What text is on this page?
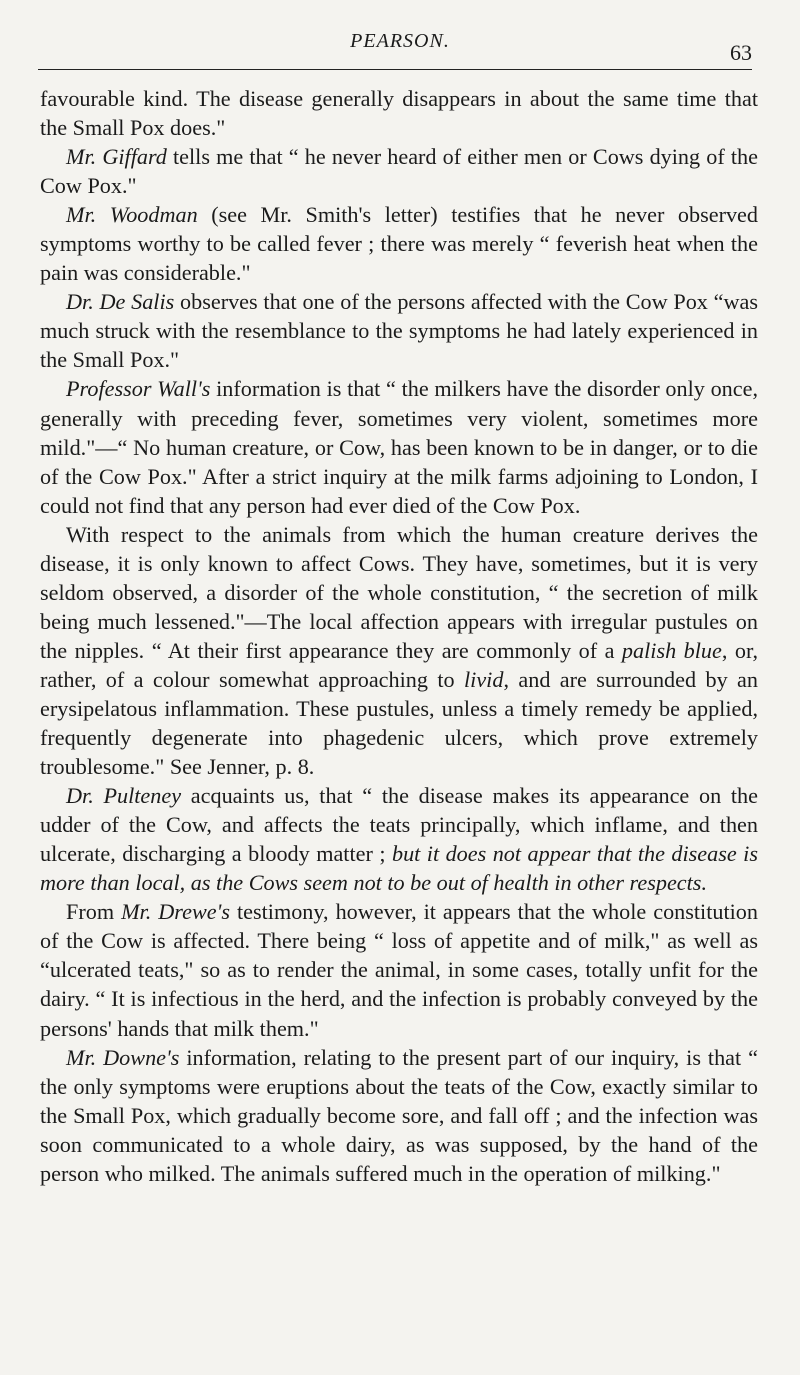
PEARSON.	63

favourable kind. The disease generally disappears in about the same time that the Small Pox does."

Mr. Giffard tells me that “ he never heard of either men or Cows dying of the Cow Pox."

Mr. Woodman (see Mr. Smith's letter) testifies that he never observed symptoms worthy to be called fever ; there was merely “ feverish heat when the pain was considerable."

Dr. De Salis observes that one of the persons affected with the Cow Pox “was much struck with the resemblance to the symptoms he had lately experienced in the Small Pox."

Professor Wall's information is that “ the milkers have the disorder only once, generally with preceding fever, sometimes very violent, sometimes more mild."—“ No human creature, or Cow, has been known to be in danger, or to die of the Cow Pox." After a strict inquiry at the milk farms adjoining to London, I could not find that any person had ever died of the Cow Pox.

With respect to the animals from which the human creature derives the disease, it is only known to affect Cows. They have, sometimes, but it is very seldom observed, a disorder of the whole constitution, “ the secretion of milk being much lessened."—The local affection appears with irregular pustules on the nipples. “ At their first appearance they are commonly of a palish blue, or, rather, of a colour somewhat approaching to livid, and are surrounded by an erysipelatous inflammation. These pustules, unless a timely remedy be applied, frequently degenerate into phagedenic ulcers, which prove extremely troublesome." See Jenner, p. 8.

Dr. Pulteney acquaints us, that “ the disease makes its appearance on the udder of the Cow, and affects the teats principally, which inflame, and then ulcerate, discharging a bloody matter ; but it does not appear that the disease is more than local, as the Cows seem not to be out of health in other respects.

From Mr. Drewe's testimony, however, it appears that the whole constitution of the Cow is affected. There being “ loss of appetite and of milk," as well as “ulcerated teats," so as to render the animal, in some cases, totally unfit for the dairy. “ It is infectious in the herd, and the infection is probably conveyed by the persons' hands that milk them."

Mr. Downe's information, relating to the present part of our inquiry, is that “ the only symptoms were eruptions about the teats of the Cow, exactly similar to the Small Pox, which gradually become sore, and fall off ; and the infection was soon communicated to a whole dairy, as was supposed, by the hand of the person who milked. The animals suffered much in the operation of milking."
